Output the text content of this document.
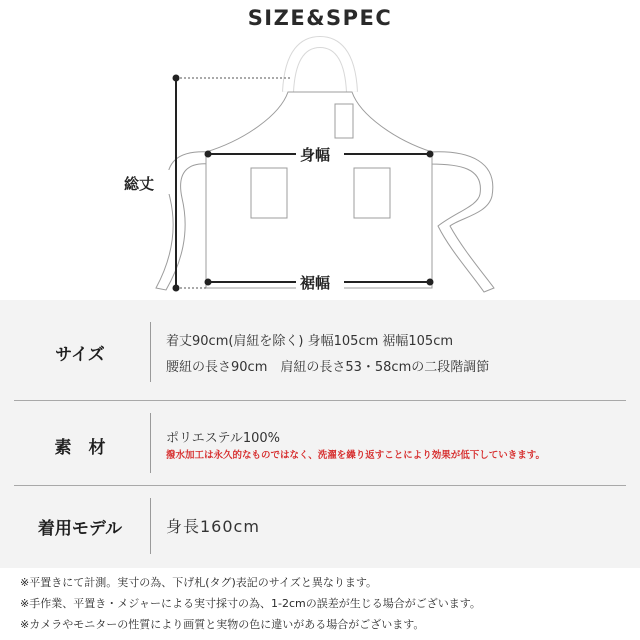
SIZE&SPEC
総丈
身幅
裾幅
サイズ
着丈90cm(肩紐を除く) 身幅105cm 裾幅105cm
腰紐の長さ90cm　肩紐の長さ53・58cmの二段階調節
素　材	ポリエステル100%
撥水加工は永久的なものではなく、洗濯を繰り返すことにより効果が低下していきます。
着用モデル	身長160cm
※平置きにて計測。実寸の為、下げ札(タグ)表記のサイズと異なります。
※手作業、平置き・メジャーによる実寸採寸の為、1-2cmの誤差が生じる場合がございます。
※カメラやモニターの性質により画質と実物の色に違いがある場合がございます。
